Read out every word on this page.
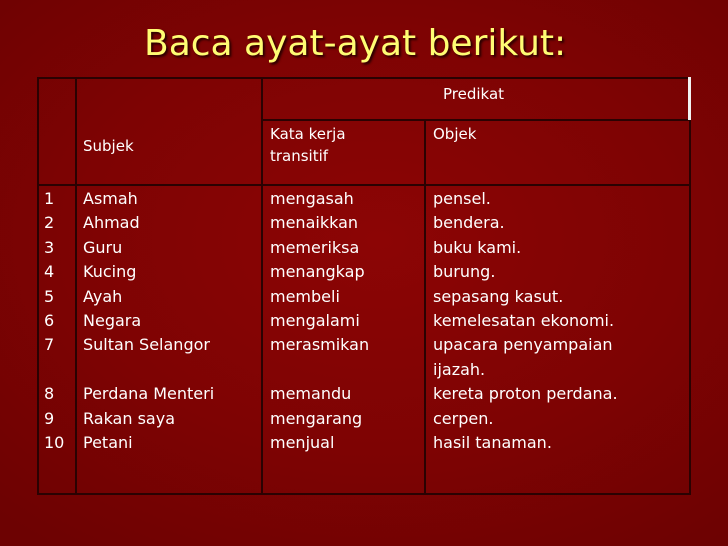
Baca ayat-ayat berikut:
Predikat
Subjek
Kata kerja
transitif
Objek
1
2
3
4
5
6
7
8
9
10
Asmah
Ahmad
Guru
Kucing
Ayah
Negara
Sultan Selangor
Perdana Menteri
Rakan saya
Petani
mengasah
menaikkan
memeriksa
menangkap
membeli
mengalami
merasmikan
memandu
mengarang
menjual
pensel.
bendera.
buku kami.
burung.
sepasang kasut.
kemelesatan ekonomi.
upacara penyampaian
ijazah.
kereta proton perdana.
cerpen.
hasil tanaman.
